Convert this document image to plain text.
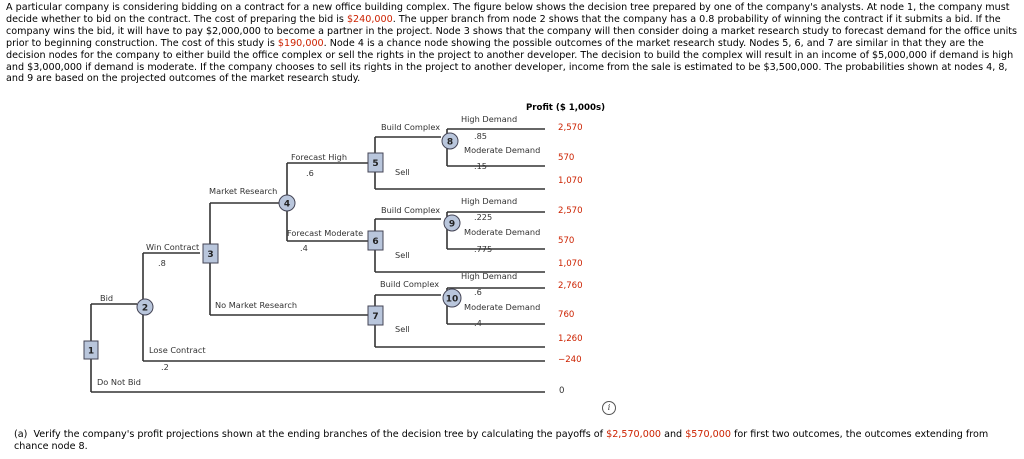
A particular company is considering bidding on a contract for a new office building complex. The figure below shows the decision tree prepared by one of the company's analysts. At node 1, the company must decide whether to bid on the contract. The cost of preparing the bid is $240,000. The upper branch from node 2 shows that the company has a 0.8 probability of winning the contract if it submits a bid. If the company wins the bid, it will have to pay $2,000,000 to become a partner in the project. Node 3 shows that the company will then consider doing a market research study to forecast demand for the office units prior to beginning construction. The cost of this study is $190,000. Node 4 is a chance node showing the possible outcomes of the market research study. Nodes 5, 6, and 7 are similar in that they are the decision nodes for the company to either build the office complex or sell the rights in the project to another developer. The decision to build the complex will result in an income of $5,000,000 if demand is high and $3,000,000 if demand is moderate. If the company chooses to sell its rights in the project to another developer, income from the sale is estimated to be $3,500,000. The probabilities shown at nodes 4, 8, and 9 are based on the projected outcomes of the market research study.
Profit ($ 1,000s)
1
3
5
6
7
2
4
8
9
10
Bid
Do Not Bid
Win Contract
.8
Lose Contract
.2
Market Research
No Market Research
Forecast High
.6
Forecast Moderate
.4
Build Complex
Sell
Build Complex
Sell
Build Complex
Sell
High Demand
.85
Moderate Demand
.15
High Demand
.225
Moderate Demand
.775
High Demand
.6
Moderate Demand
.4
2,570
570
1,070
2,570
570
1,070
2,760
760
1,260
−240
0
i
(a)  Verify the company's profit projections shown at the ending branches of the decision tree by calculating the payoffs of $2,570,000 and $570,000 for first two outcomes, the outcomes extending from chance node 8.
